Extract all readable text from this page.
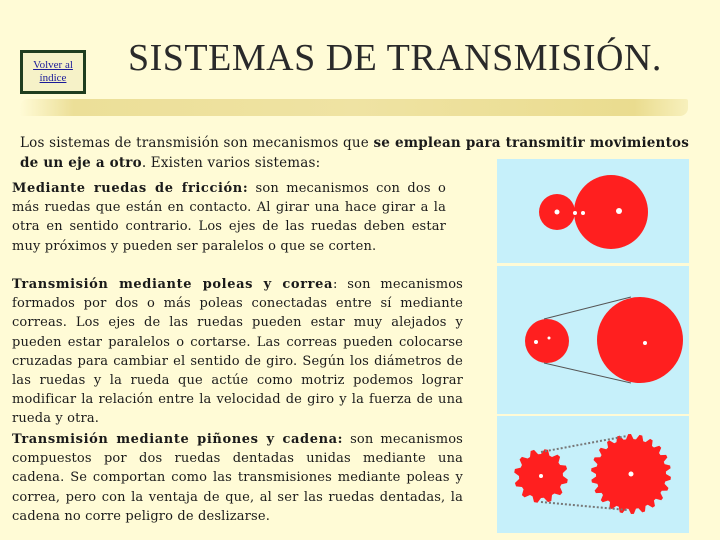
Volver al índice	SISTEMAS DE TRANSMISIÓN.

Los sistemas de transmisión son mecanismos que se emplean para transmitir movimientos de un eje a otro. Existen varios sistemas:

Mediante ruedas de fricción: son mecanismos con dos o más ruedas que están en contacto. Al girar una hace girar a la otra en sentido contrario. Los ejes de las ruedas deben estar muy próximos y pueden ser paralelos o que se corten.

Transmisión mediante poleas y correa: son mecanismos formados por dos o más poleas conectadas entre sí mediante correas. Los ejes de las ruedas pueden estar muy alejados y pueden estar paralelos o cortarse. Las correas pueden colocarse cruzadas para cambiar el sentido de giro. Según los diámetros de las ruedas y la rueda que actúe como motriz podemos lograr modificar la relación entre la velocidad de giro y la fuerza de una rueda y otra.

Transmisión mediante piñones y cadena: son mecanismos compuestos por dos ruedas dentadas unidas mediante una cadena. Se comportan como las transmisiones mediante poleas y correa, pero con la ventaja de que, al ser las ruedas dentadas, la cadena no corre peligro de deslizarse.
